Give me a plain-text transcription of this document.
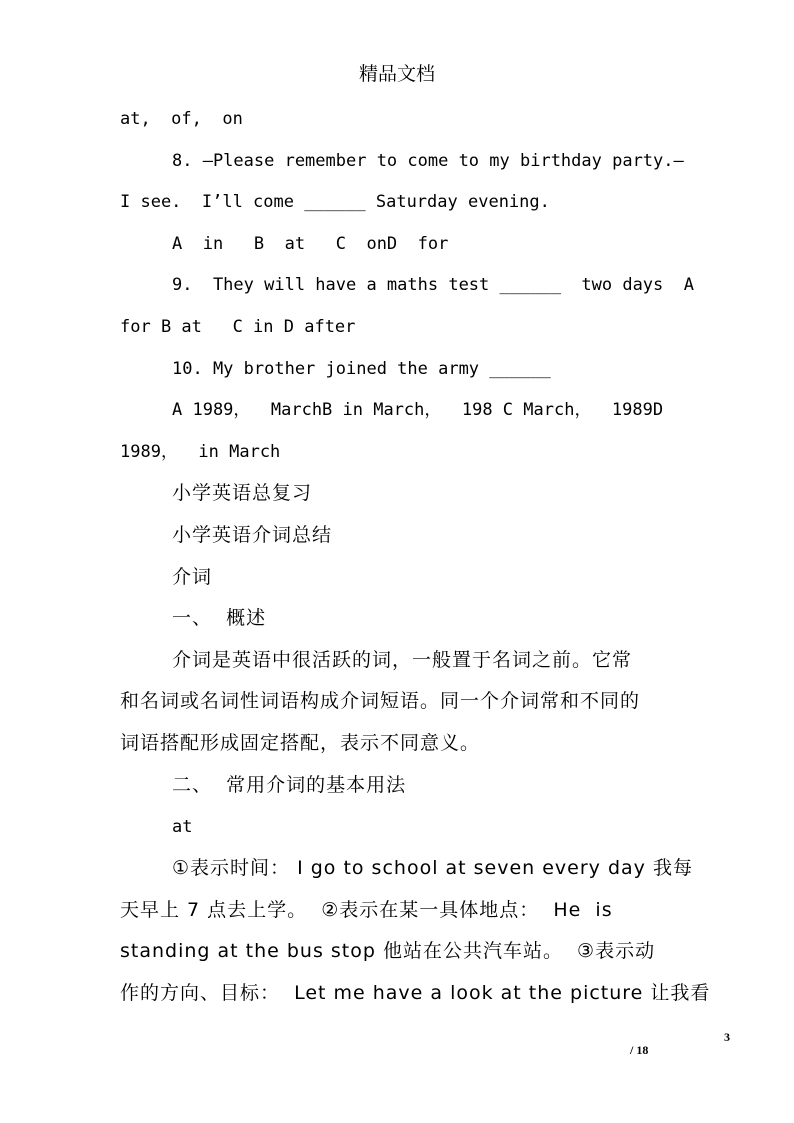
精品文档
at,  of,  on
8. –Please remember to come to my birthday party.–
I see.  I’ll come ______ Saturday evening.
A  in   B  at   C  onD  for
9.  They will have a maths test ______  two days  A
for B at   C in D after
10. My brother joined the army ______
A 1989，  MarchB in March，  198 C March，  1989D
1989，  in March
小学英语总复习
小学英语介词总结
介词
一、  概述
介词是英语中很活跃的词，一般置于名词之前。它常
和名词或名词性词语构成介词短语。同一个介词常和不同的
词语搭配形成固定搭配，表示不同意义。
二、  常用介词的基本用法
at
①表示时间： I go to school at seven every day 我每
天早上 7 点去上学。  ②表示在某一具体地点：  He  is
standing at the bus stop 他站在公共汽车站。  ③表示动
作的方向、目标：  Let me have a look at the picture 让我看
3
/ 18
